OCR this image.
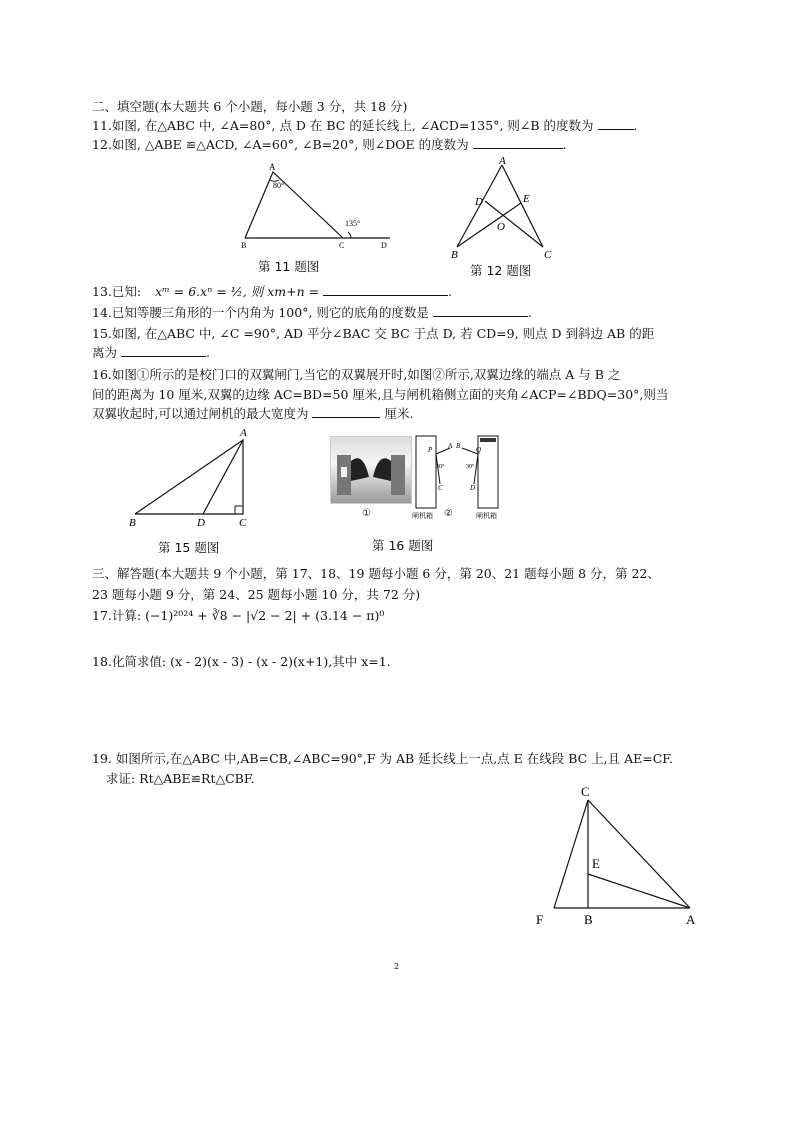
二、填空题(本大题共 6 个小题，每小题 3 分，共 18 分)
11.如图, 在△ABC 中, ∠A=80°, 点 D 在 BC 的延长线上, ∠ACD=135°, 则∠B 的度数为	.
12.如图, △ABE ≌△ACD, ∠A=60°, ∠B=20°, 则∠DOE 的度数为	.
A
80°
135°
B	C	D
第 11 题图
A
D	E
O
B	C
第 12 题图
13.已知: xᵐ = 6.xⁿ = ½, 则 xm+n =	.
14.已知等腰三角形的一个内角为 100°, 则它的底角的度数是	.
15.如图, 在△ABC 中, ∠C =90°, AD 平分∠BAC 交 BC 于点 D, 若 CD=9, 则点 D 到斜边 AB 的距
离为	.
16.如图①所示的是校门口的双翼闸门,当它的双翼展开时,如图②所示,双翼边缘的端点 A 与 B 之
间的距离为 10 厘米,双翼的边缘 AC=BD=50 厘米,且与闸机箱侧立面的夹角∠ACP=∠BDQ=30°,则当
双翼收起时,可以通过闸机的最大宽度为	厘米.
A
B	D	C
第 15 题图
P A B Q
30°	30°
C	D
闸机箱	闸机箱
①	②
第 16 题图
三、解答题(本大题共 9 个小题，第 17、18、19 题每小题 6 分，第 20、21 题每小题 8 分，第 22、
23 题每小题 9 分，第 24、25 题每小题 10 分，共 72 分)
17.计算: (−1)²⁰²⁴ + ∛8 − |√2 − 2| + (3.14 − π)⁰
18.化简求值: (x - 2)(x - 3) - (x - 2)(x+1),其中 x=1.
19. 如图所示,在△ABC 中,AB=CB,∠ABC=90°,F 为 AB 延长线上一点,点 E 在线段 BC 上,且 AE=CF.
求证: Rt△ABE≌Rt△CBF.
C
E
F	B	A
2
